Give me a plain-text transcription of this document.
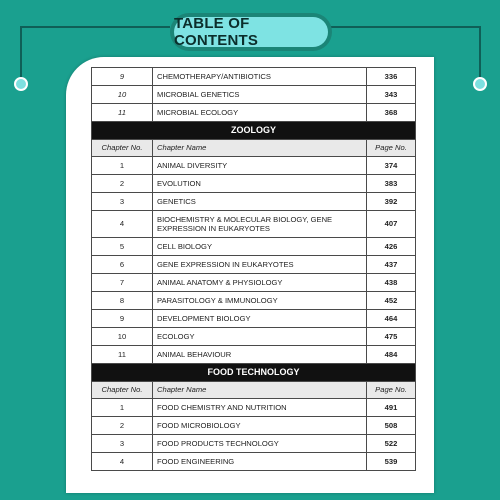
TABLE OF CONTENTS
9	CHEMOTHERAPY/ANTIBIOTICS	336
10	MICROBIAL GENETICS	343
11	MICROBIAL ECOLOGY	368
ZOOLOGY		
Chapter No.	Chapter Name	Page No.
1	ANIMAL DIVERSITY	374
2	EVOLUTION	383
3	GENETICS	392
4	BIOCHEMISTRY & MOLECULAR BIOLOGY, GENE EXPRESSION IN EUKARYOTES	407
5	CELL BIOLOGY	426
6	GENE EXPRESSION IN EUKARYOTES	437
7	ANIMAL ANATOMY & PHYSIOLOGY	438
8	PARASITOLOGY & IMMUNOLOGY	452
9	DEVELOPMENT BIOLOGY	464
10	ECOLOGY	475
11	ANIMAL BEHAVIOUR	484
FOOD TECHNOLOGY		
Chapter No.	Chapter Name	Page No.
1	FOOD CHEMISTRY AND NUTRITION	491
2	FOOD MICROBIOLOGY	508
3	FOOD PRODUCTS TECHNOLOGY	522
4	FOOD ENGINEERING	539
